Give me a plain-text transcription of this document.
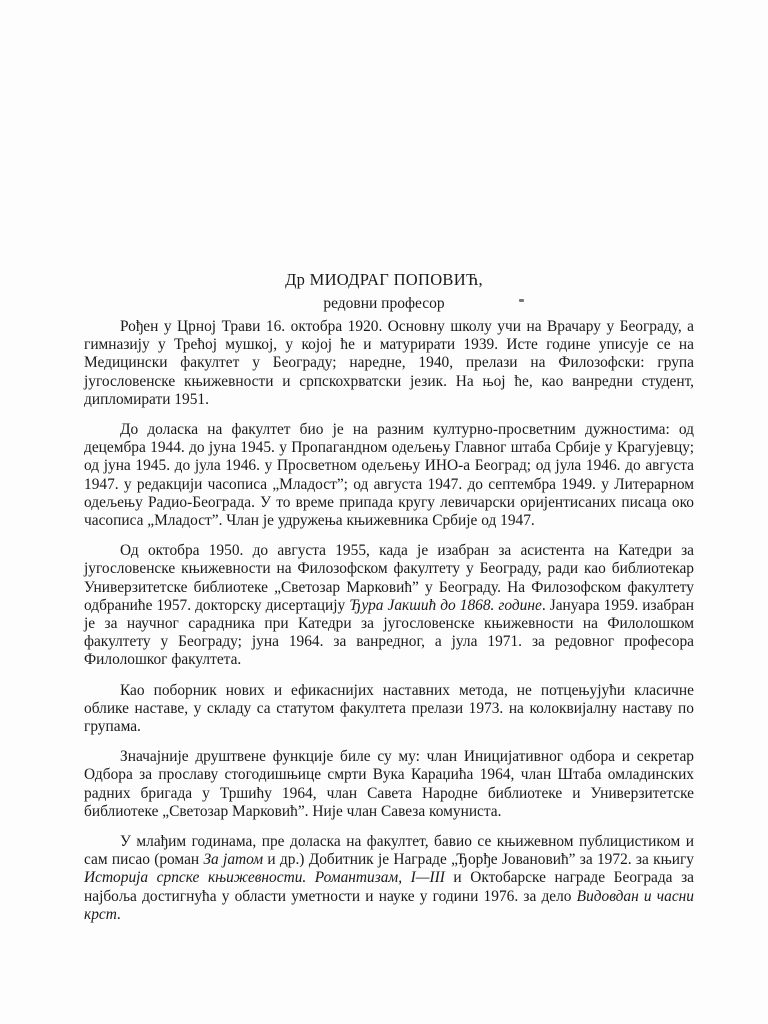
Др МИОДРАГ ПОПОВИЋ,
редовни професор

Рођен у Црној Трави 16. октобра 1920. Основну школу учи на Врачару у Београду, а гимназију у Трећој мушкој, у којој ће и матурирати 1939. Исте године уписује се на Медицински факултет у Београду; наредне, 1940, прелази на Филозофски: група југословенске књижевности и српскохрватски језик. На њој ће, као ванредни студент, дипломирати 1951.

До доласка на факултет био је на разним културно-просветним дужностима: од децембра 1944. до јуна 1945. у Пропагандном одељењу Главног штаба Србије у Крагујевцу; од јуна 1945. до јула 1946. у Просветном одељењу ИНО-а Београд; од јула 1946. до августа 1947. у редакцији часописа „Младост”; од августа 1947. до септембра 1949. у Литерарном одељењу Радио-Београда. У то време припада кругу левичарски оријентисаних писаца око часописа „Младост”. Члан је удружења књижевника Србије од 1947.

Од октобра 1950. до августа 1955, када је изабран за асистента на Катедри за југословенске књижевности на Филозофском факултету у Београду, ради као библиотекар Универзитетске библиотеке „Светозар Марковић” у Београду. На Филозофском факултету одбраниће 1957. докторску дисертацију Ђура Јакшић до 1868. године. Јануара 1959. изабран је за научног сарадника при Катедри за југословенске књижевности на Филолошком факултету у Београду; јуна 1964. за ванредног, а јула 1971. за редовног професора Филолошког факултета.

Као поборник нових и ефикаснијих наставних метода, не потцењујући класичне облике наставе, у складу са статутом факултета прелази 1973. на колоквијалну наставу по групама.

Значајније друштвене функције биле су му: члан Иницијативног одбора и секретар Одбора за прославу стогодишњице смрти Вука Караџића 1964, члан Штаба омладинских радних бригада у Тршићу 1964, члан Савета Народне библиотеке и Универзитетске библиотеке „Светозар Марковић”. Није члан Савеза комуниста.

У млађим годинама, пре доласка на факултет, бавио се књижевном публицистиком и сам писао (роман За јатом и др.) Добитник је Награде „Ђорђе Јовановић” за 1972. за књигу Историја српске књижевности. Романтизам, I—III и Октобарске награде Београда за најбоља достигнућа у области уметности и науке у години 1976. за дело Видовдан и часни крст.
